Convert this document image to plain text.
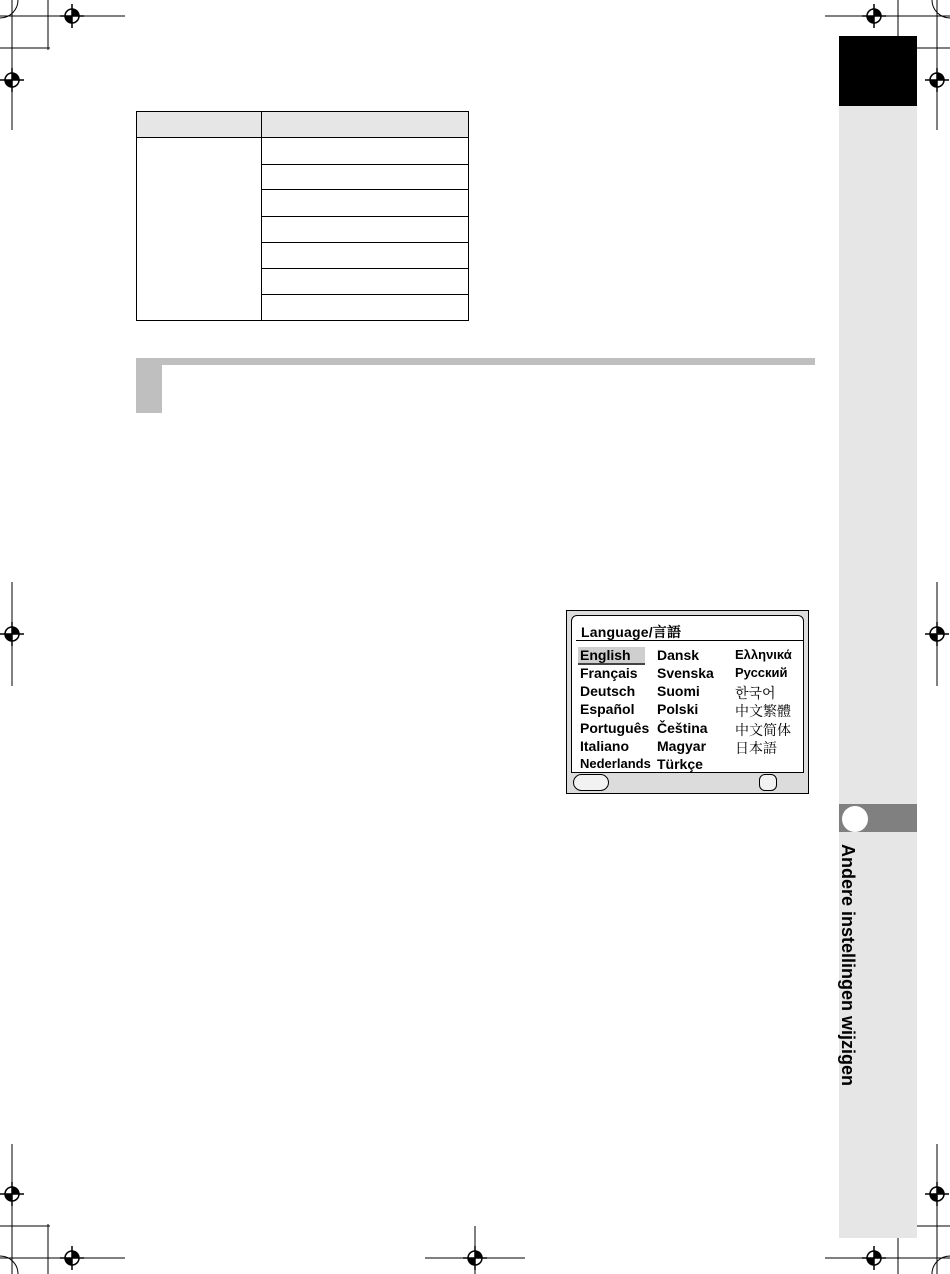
Andere instellingen wijzigen
Language/言語
English
Français
Deutsch
Español
Português
Italiano
Nederlands
Dansk
Svenska
Suomi
Polski
Čeština
Magyar
Türkçe
Ελληνικά
Русский
한국어
中文繁體
中文简体
日本語
